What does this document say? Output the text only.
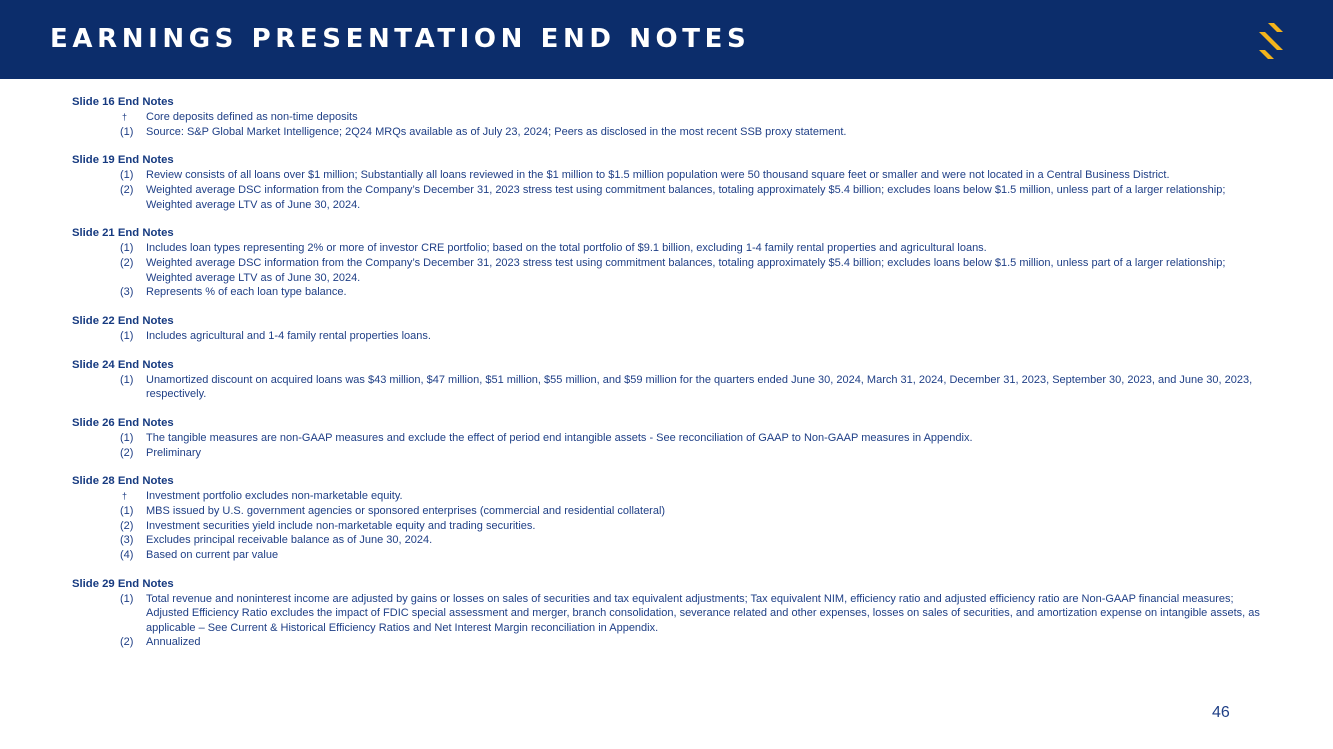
EARNINGS PRESENTATION END NOTES
Slide 16 End Notes
†	Core deposits defined as non-time deposits
(1)	Source: S&P Global Market Intelligence; 2Q24 MRQs available as of July 23, 2024; Peers as disclosed in the most recent SSB proxy statement.
Slide 19 End Notes
(1)	Review consists of all loans over $1 million; Substantially all loans reviewed in the $1 million to $1.5 million population were 50 thousand square feet or smaller and were not located in a Central Business District.
(2)	Weighted average DSC information from the Company’s December 31, 2023 stress test using commitment balances, totaling approximately $5.4 billion; excludes loans below $1.5 million, unless part of a larger relationship; Weighted average LTV as of June 30, 2024.
Slide 21 End Notes
(1)	Includes loan types representing 2% or more of investor CRE portfolio; based on the total portfolio of $9.1 billion, excluding 1-4 family rental properties and agricultural loans.
(2)	Weighted average DSC information from the Company’s December 31, 2023 stress test using commitment balances, totaling approximately $5.4 billion; excludes loans below $1.5 million, unless part of a larger relationship; Weighted average LTV as of June 30, 2024.
(3)	Represents % of each loan type balance.
Slide 22 End Notes
(1)	Includes agricultural and 1-4 family rental properties loans.
Slide 24 End Notes
(1)	Unamortized discount on acquired loans was $43 million, $47 million, $51 million, $55 million, and $59 million for the quarters ended June 30, 2024, March 31, 2024, December 31, 2023, September 30, 2023, and June 30, 2023, respectively.
Slide 26 End Notes
(1)	The tangible measures are non-GAAP measures and exclude the effect of period end intangible assets - See reconciliation of GAAP to Non-GAAP measures in Appendix.
(2)	Preliminary
Slide 28 End Notes
†	Investment portfolio excludes non-marketable equity.
(1)	MBS issued by U.S. government agencies or sponsored enterprises (commercial and residential collateral)
(2)	Investment securities yield include non-marketable equity and trading securities.
(3)	Excludes principal receivable balance as of June 30, 2024.
(4)	Based on current par value
Slide 29 End Notes
(1)	Total revenue and noninterest income are adjusted by gains or losses on sales of securities and tax equivalent adjustments; Tax equivalent NIM, efficiency ratio and adjusted efficiency ratio are Non-GAAP financial measures; Adjusted Efficiency Ratio excludes the impact of FDIC special assessment and merger, branch consolidation, severance related and other expenses, losses on sales of securities, and amortization expense on intangible assets, as applicable – See Current & Historical Efficiency Ratios and Net Interest Margin reconciliation in Appendix.
(2)	Annualized
46
